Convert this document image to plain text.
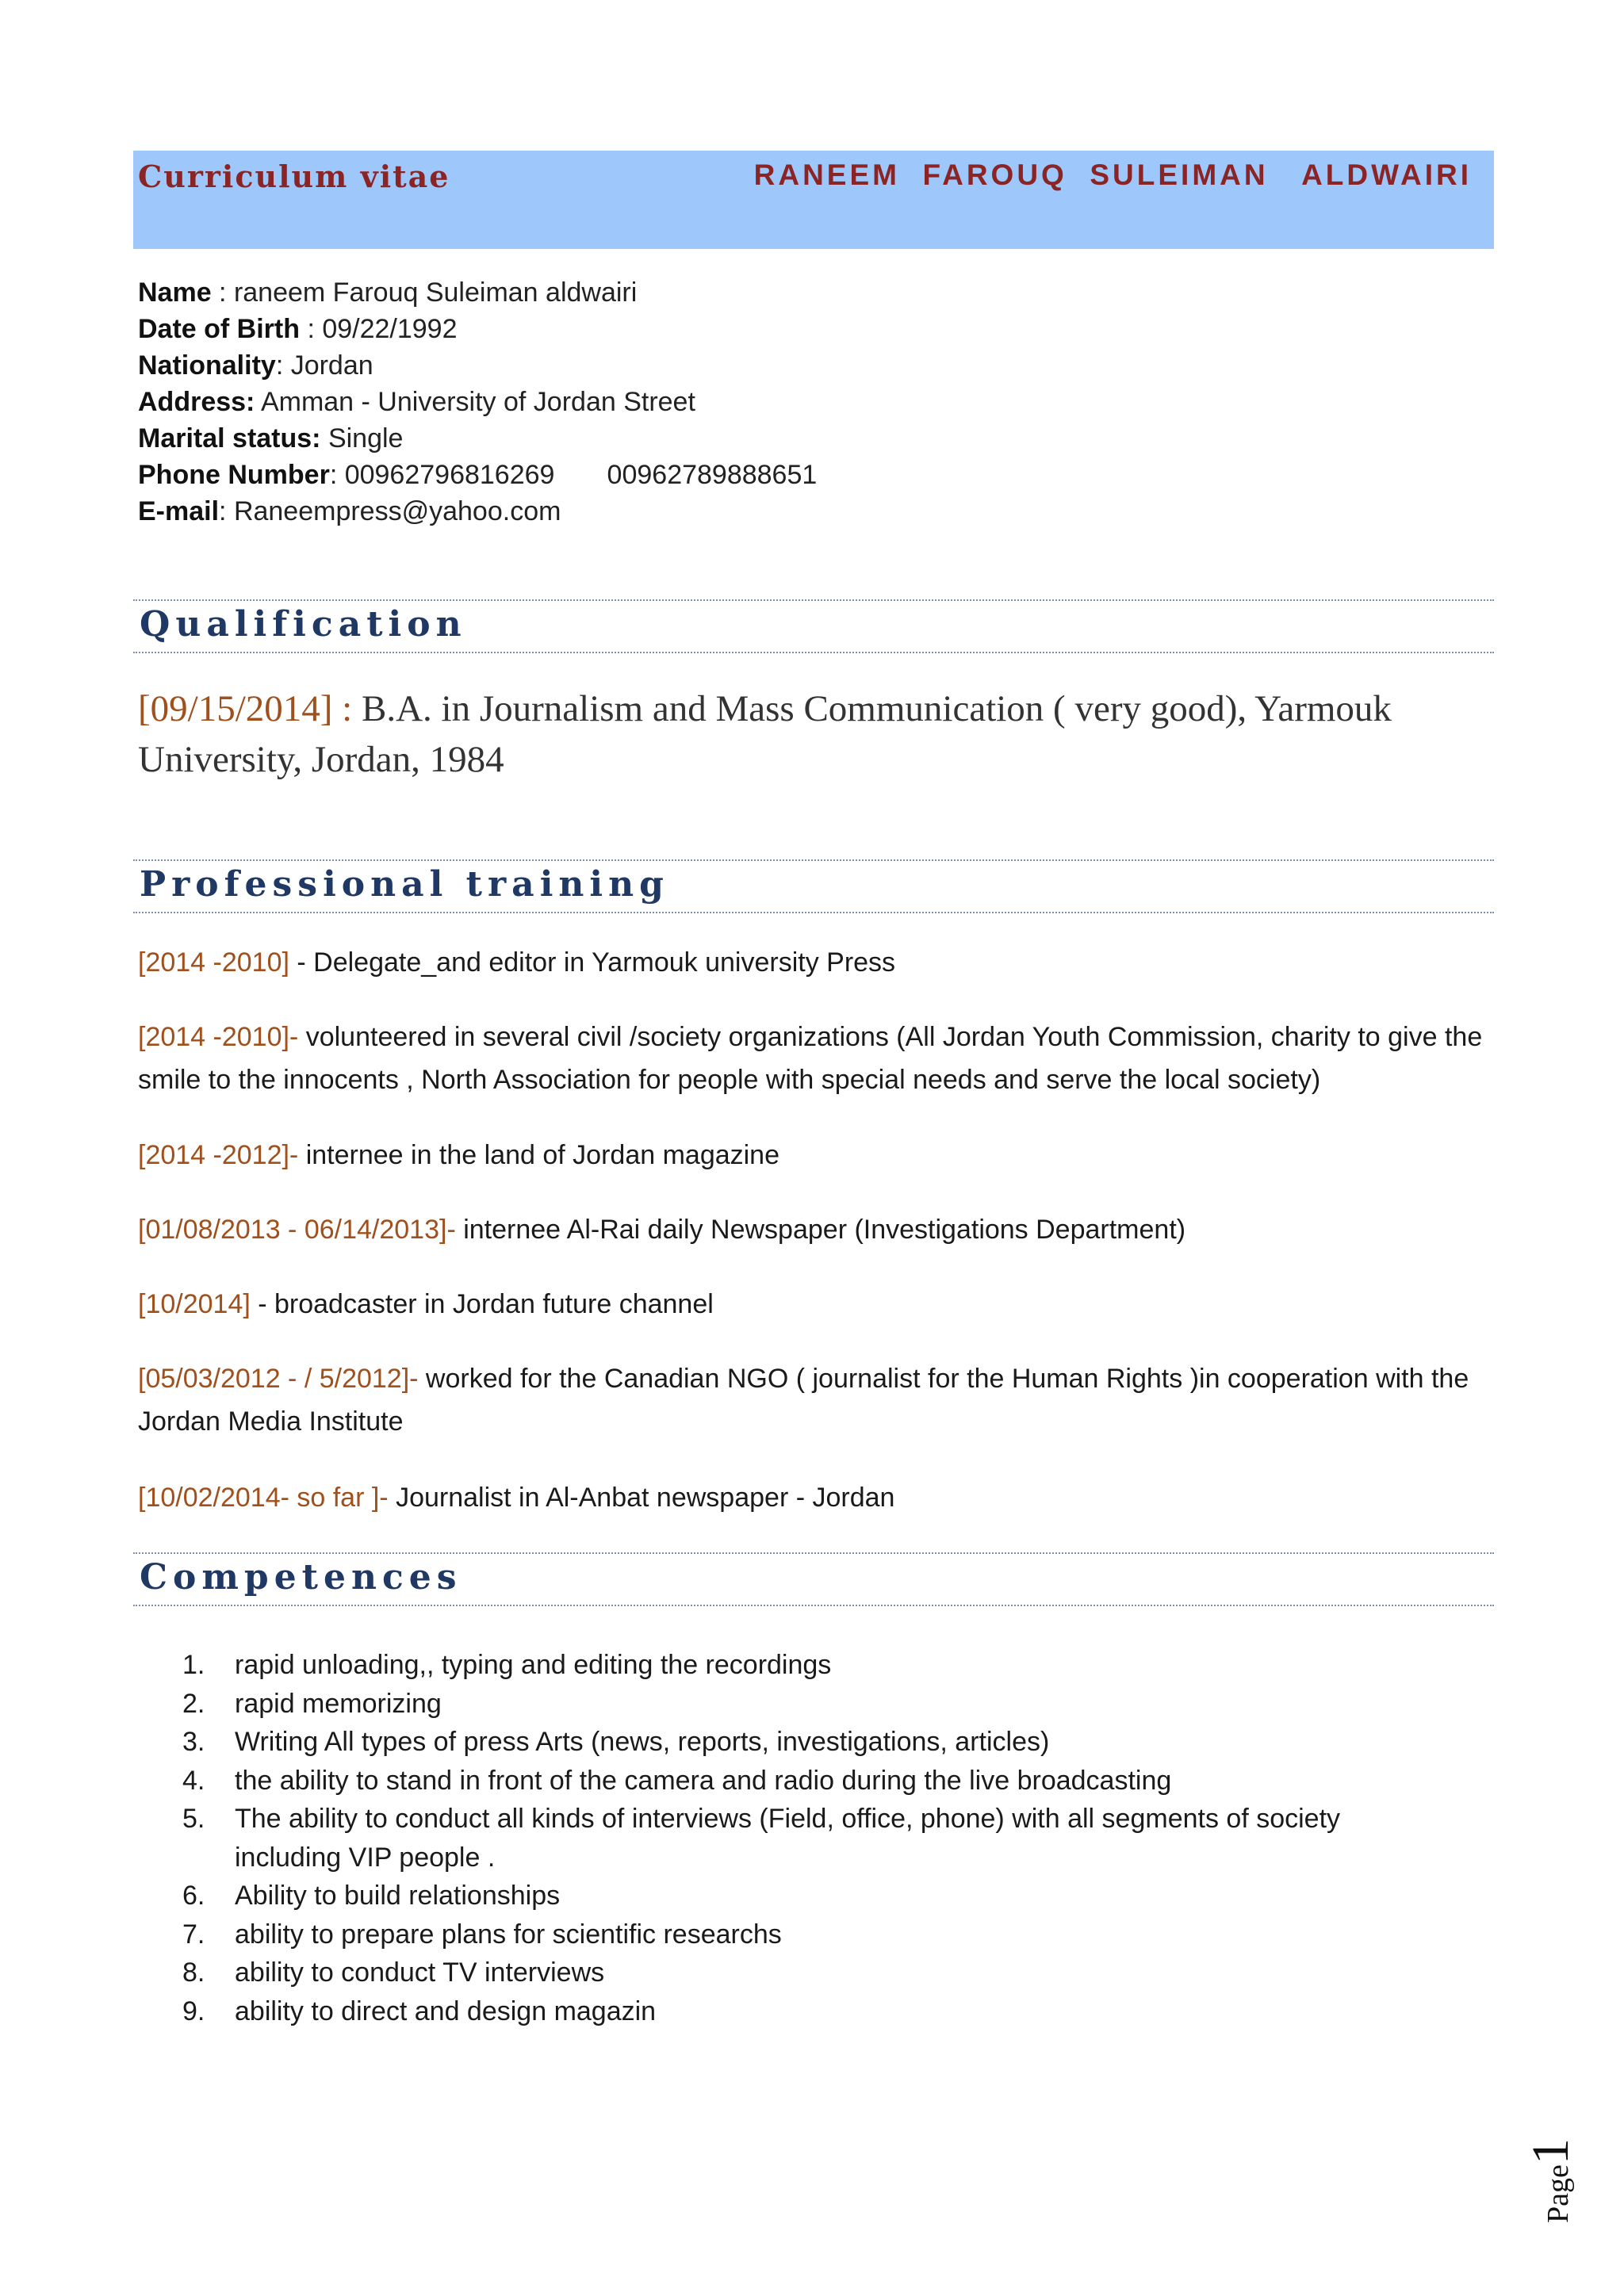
Curriculum vitae	RANEEM  FAROUQ  SULEIMAN   ALDWAIRI
Name : raneem Farouq Suleiman aldwairi
Date of Birth : 09/22/1992
Nationality: Jordan
Address: Amman - University of Jordan Street
Marital status: Single
Phone Number: 00962796816269       00962789888651
E-mail: Raneempress@yahoo.com
Qualification
[09/15/2014] : B.A. in Journalism and Mass Communication ( very good), Yarmouk University, Jordan, 1984
Professional training
[2014 -2010] - Delegate_and editor in Yarmouk university Press
[2014 -2010]- volunteered in several civil /society organizations (All Jordan Youth Commission, charity to give the smile to the innocents , North Association for people with special needs and serve the local society)
[2014 -2012]- internee in the land of Jordan magazine
[01/08/2013 - 06/14/2013]- internee Al-Rai daily Newspaper (Investigations Department)
[10/2014] - broadcaster in Jordan future channel
[05/03/2012 - / 5/2012]- worked for the Canadian NGO ( journalist for the Human Rights )in cooperation with the Jordan Media Institute
[10/02/2014- so far ]- Journalist in Al-Anbat newspaper - Jordan
Competences
1. rapid unloading,, typing and editing the recordings
2. rapid memorizing
3. Writing All types of press Arts (news, reports, investigations, articles)
4. the ability to stand in front of the camera and radio during the live broadcasting
5. The ability to conduct all kinds of interviews (Field, office, phone) with all segments of society including VIP people .
6. Ability to build relationships
7. ability to prepare plans for scientific researchs
8. ability to conduct TV interviews
9. ability to direct and design magazin
Page1
